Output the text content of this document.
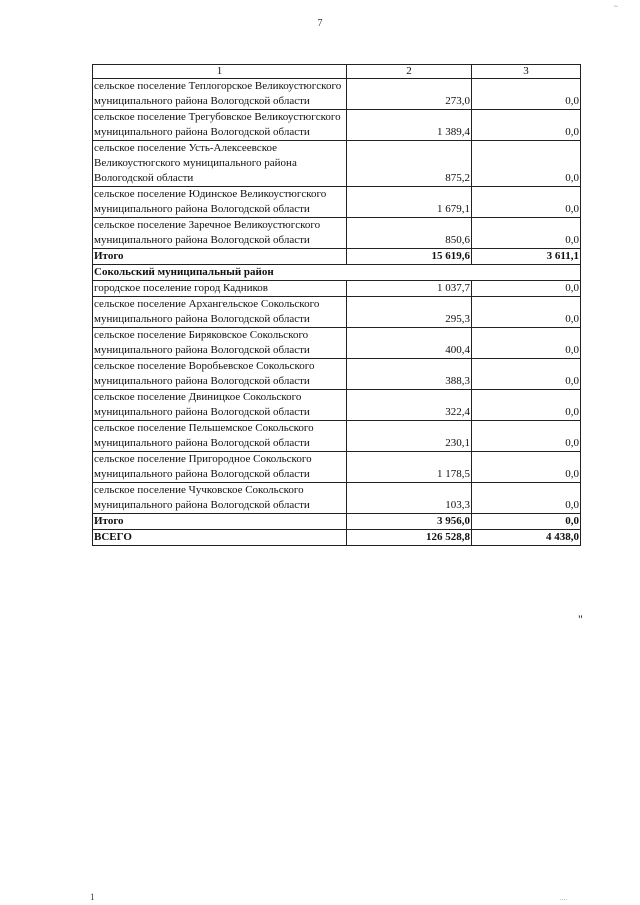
~
7
1	2	3
сельское поселение Теплогорское Великоустюгского муниципального района Вологодской области	273,0	0,0
сельское поселение Трегубовское Великоустюгского муниципального района Вологодской области	1 389,4	0,0
сельское поселение Усть-Алексеевское Великоустюгского муниципального района Вологодской области	875,2	0,0
сельское поселение Юдинское Великоустюгского муниципального района Вологодской области	1 679,1	0,0
сельское поселение Заречное Великоустюгского муниципального района Вологодской области	850,6	0,0
Итого	15 619,6	3 611,1
Сокольский муниципальный район		
городское поселение город Кадников	1 037,7	0,0
сельское поселение Архангельское Сокольского муниципального района Вологодской области	295,3	0,0
сельское поселение Биряковское Сокольского муниципального района Вологодской области	400,4	0,0
сельское поселение Воробьевское Сокольского муниципального района Вологодской области	388,3	0,0
сельское поселение Двиницкое Сокольского муниципального района Вологодской области	322,4	0,0
сельское поселение Пельшемское Сокольского муниципального района Вологодской области	230,1	0,0
сельское поселение Пригородное Сокольского муниципального района Вологодской области	1 178,5	0,0
сельское поселение Чучковское Сокольского муниципального района Вологодской области	103,3	0,0
Итого	3 956,0	0,0
ВСЕГО	126 528,8	4 438,0
"
1	....
